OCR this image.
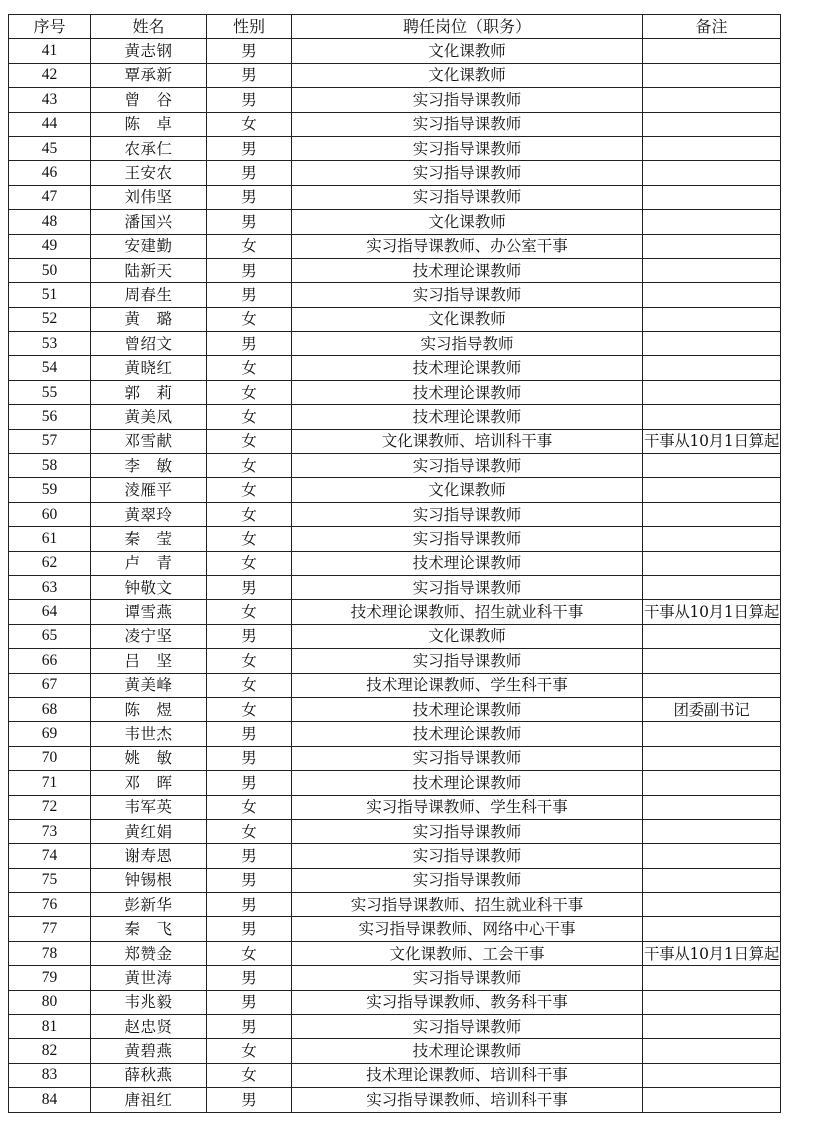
序号	姓名	性别	聘任岗位（职务）	备注
41	黄志钢	男	文化课教师	
42	覃承新	男	文化课教师	
43	曾　谷	男	实习指导课教师	
44	陈　卓	女	实习指导课教师	
45	农承仁	男	实习指导课教师	
46	王安农	男	实习指导课教师	
47	刘伟坚	男	实习指导课教师	
48	潘国兴	男	文化课教师	
49	安建勤	女	实习指导课教师、办公室干事	
50	陆新天	男	技术理论课教师	
51	周春生	男	实习指导课教师	
52	黄　璐	女	文化课教师	
53	曾绍文	男	实习指导教师	
54	黄晓红	女	技术理论课教师	
55	郭　莉	女	技术理论课教师	
56	黄美凤	女	技术理论课教师	
57	邓雪献	女	文化课教师、培训科干事	干事从10月1日算起
58	李　敏	女	实习指导课教师	
59	淩雁平	女	文化课教师	
60	黄翠玲	女	实习指导课教师	
61	秦　莹	女	实习指导课教师	
62	卢　青	女	技术理论课教师	
63	钟敬文	男	实习指导课教师	
64	谭雪燕	女	技术理论课教师、招生就业科干事	干事从10月1日算起
65	凌宁坚	男	文化课教师	
66	吕　坚	女	实习指导课教师	
67	黄美峰	女	技术理论课教师、学生科干事	
68	陈　煜	女	技术理论课教师	团委副书记
69	韦世杰	男	技术理论课教师	
70	姚　敏	男	实习指导课教师	
71	邓　晖	男	技术理论课教师	
72	韦军英	女	实习指导课教师、学生科干事	
73	黄红娟	女	实习指导课教师	
74	谢寿恩	男	实习指导课教师	
75	钟锡根	男	实习指导课教师	
76	彭新华	男	实习指导课教师、招生就业科干事	
77	秦　飞	男	实习指导课教师、网络中心干事	
78	郑赞金	女	文化课教师、工会干事	干事从10月1日算起
79	黄世涛	男	实习指导课教师	
80	韦兆毅	男	实习指导课教师、教务科干事	
81	赵忠贤	男	实习指导课教师	
82	黄碧燕	女	技术理论课教师	
83	薛秋燕	女	技术理论课教师、培训科干事	
84	唐祖红	男	实习指导课教师、培训科干事	
